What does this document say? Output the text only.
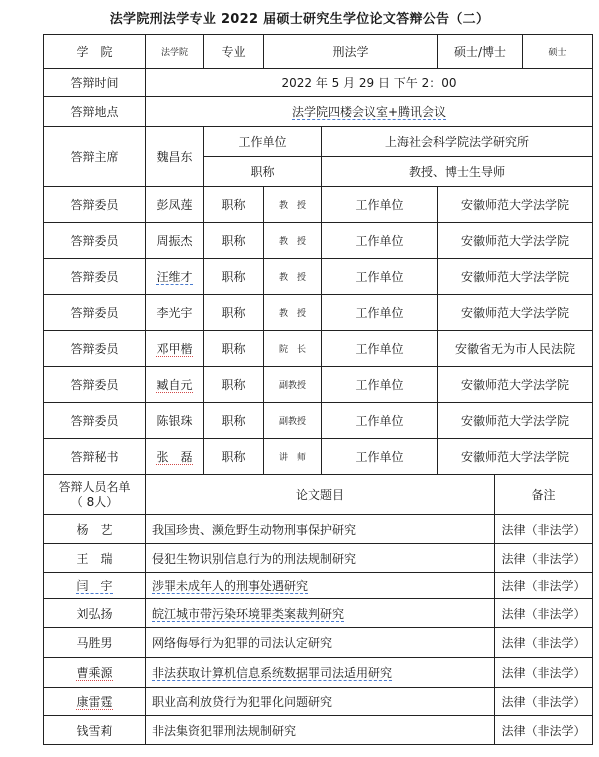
法学院刑法学专业 2022 届硕士研究生学位论文答辩公告（二）
学　院	法学院	专业	刑法学		硕士/博士		硕士
答辩时间	2022 年 5 月 29 日 下午 2：00						
答辩地点	法学院四楼会议室+腾讯会议						
答辩主席	魏昌东	工作单位		上海社会科学院法学研究所			
		职称		教授、博士生导师			
答辩委员	彭凤莲	职称	教　授	工作单位	安徽师范大学法学院		
答辩委员	周振杰	职称	教　授	工作单位	安徽师范大学法学院		
答辩委员	汪维才	职称	教　授	工作单位	安徽师范大学法学院		
答辩委员	李光宇	职称	教　授	工作单位	安徽师范大学法学院		
答辩委员	邓甲楷	职称	院　长	工作单位	安徽省无为市人民法院		
答辩委员	臧自元	职称	副教授	工作单位	安徽师范大学法学院		
答辩委员	陈银珠	职称	副教授	工作单位	安徽师范大学法学院		
答辩秘书	张　磊	职称	讲　师	工作单位	安徽师范大学法学院		

答辩人员名单
（ 8人）	论文题目					备注	
杨　艺	我国珍贵、濒危野生动物刑事保护研究					法律（非法学）	
王　瑞	侵犯生物识别信息行为的刑法规制研究					法律（非法学）	
闫　宇	涉罪未成年人的刑事处遇研究					法律（非法学）	
刘弘扬	皖江城市带污染环境罪类案裁判研究					法律（非法学）	
马胜男	网络侮辱行为犯罪的司法认定研究					法律（非法学）	
曹乘源	非法获取计算机信息系统数据罪司法适用研究					法律（非法学）	
康雷霆	职业高利放贷行为犯罪化问题研究					法律（非法学）	
钱雪莉	非法集资犯罪刑法规制研究					法律（非法学）	
